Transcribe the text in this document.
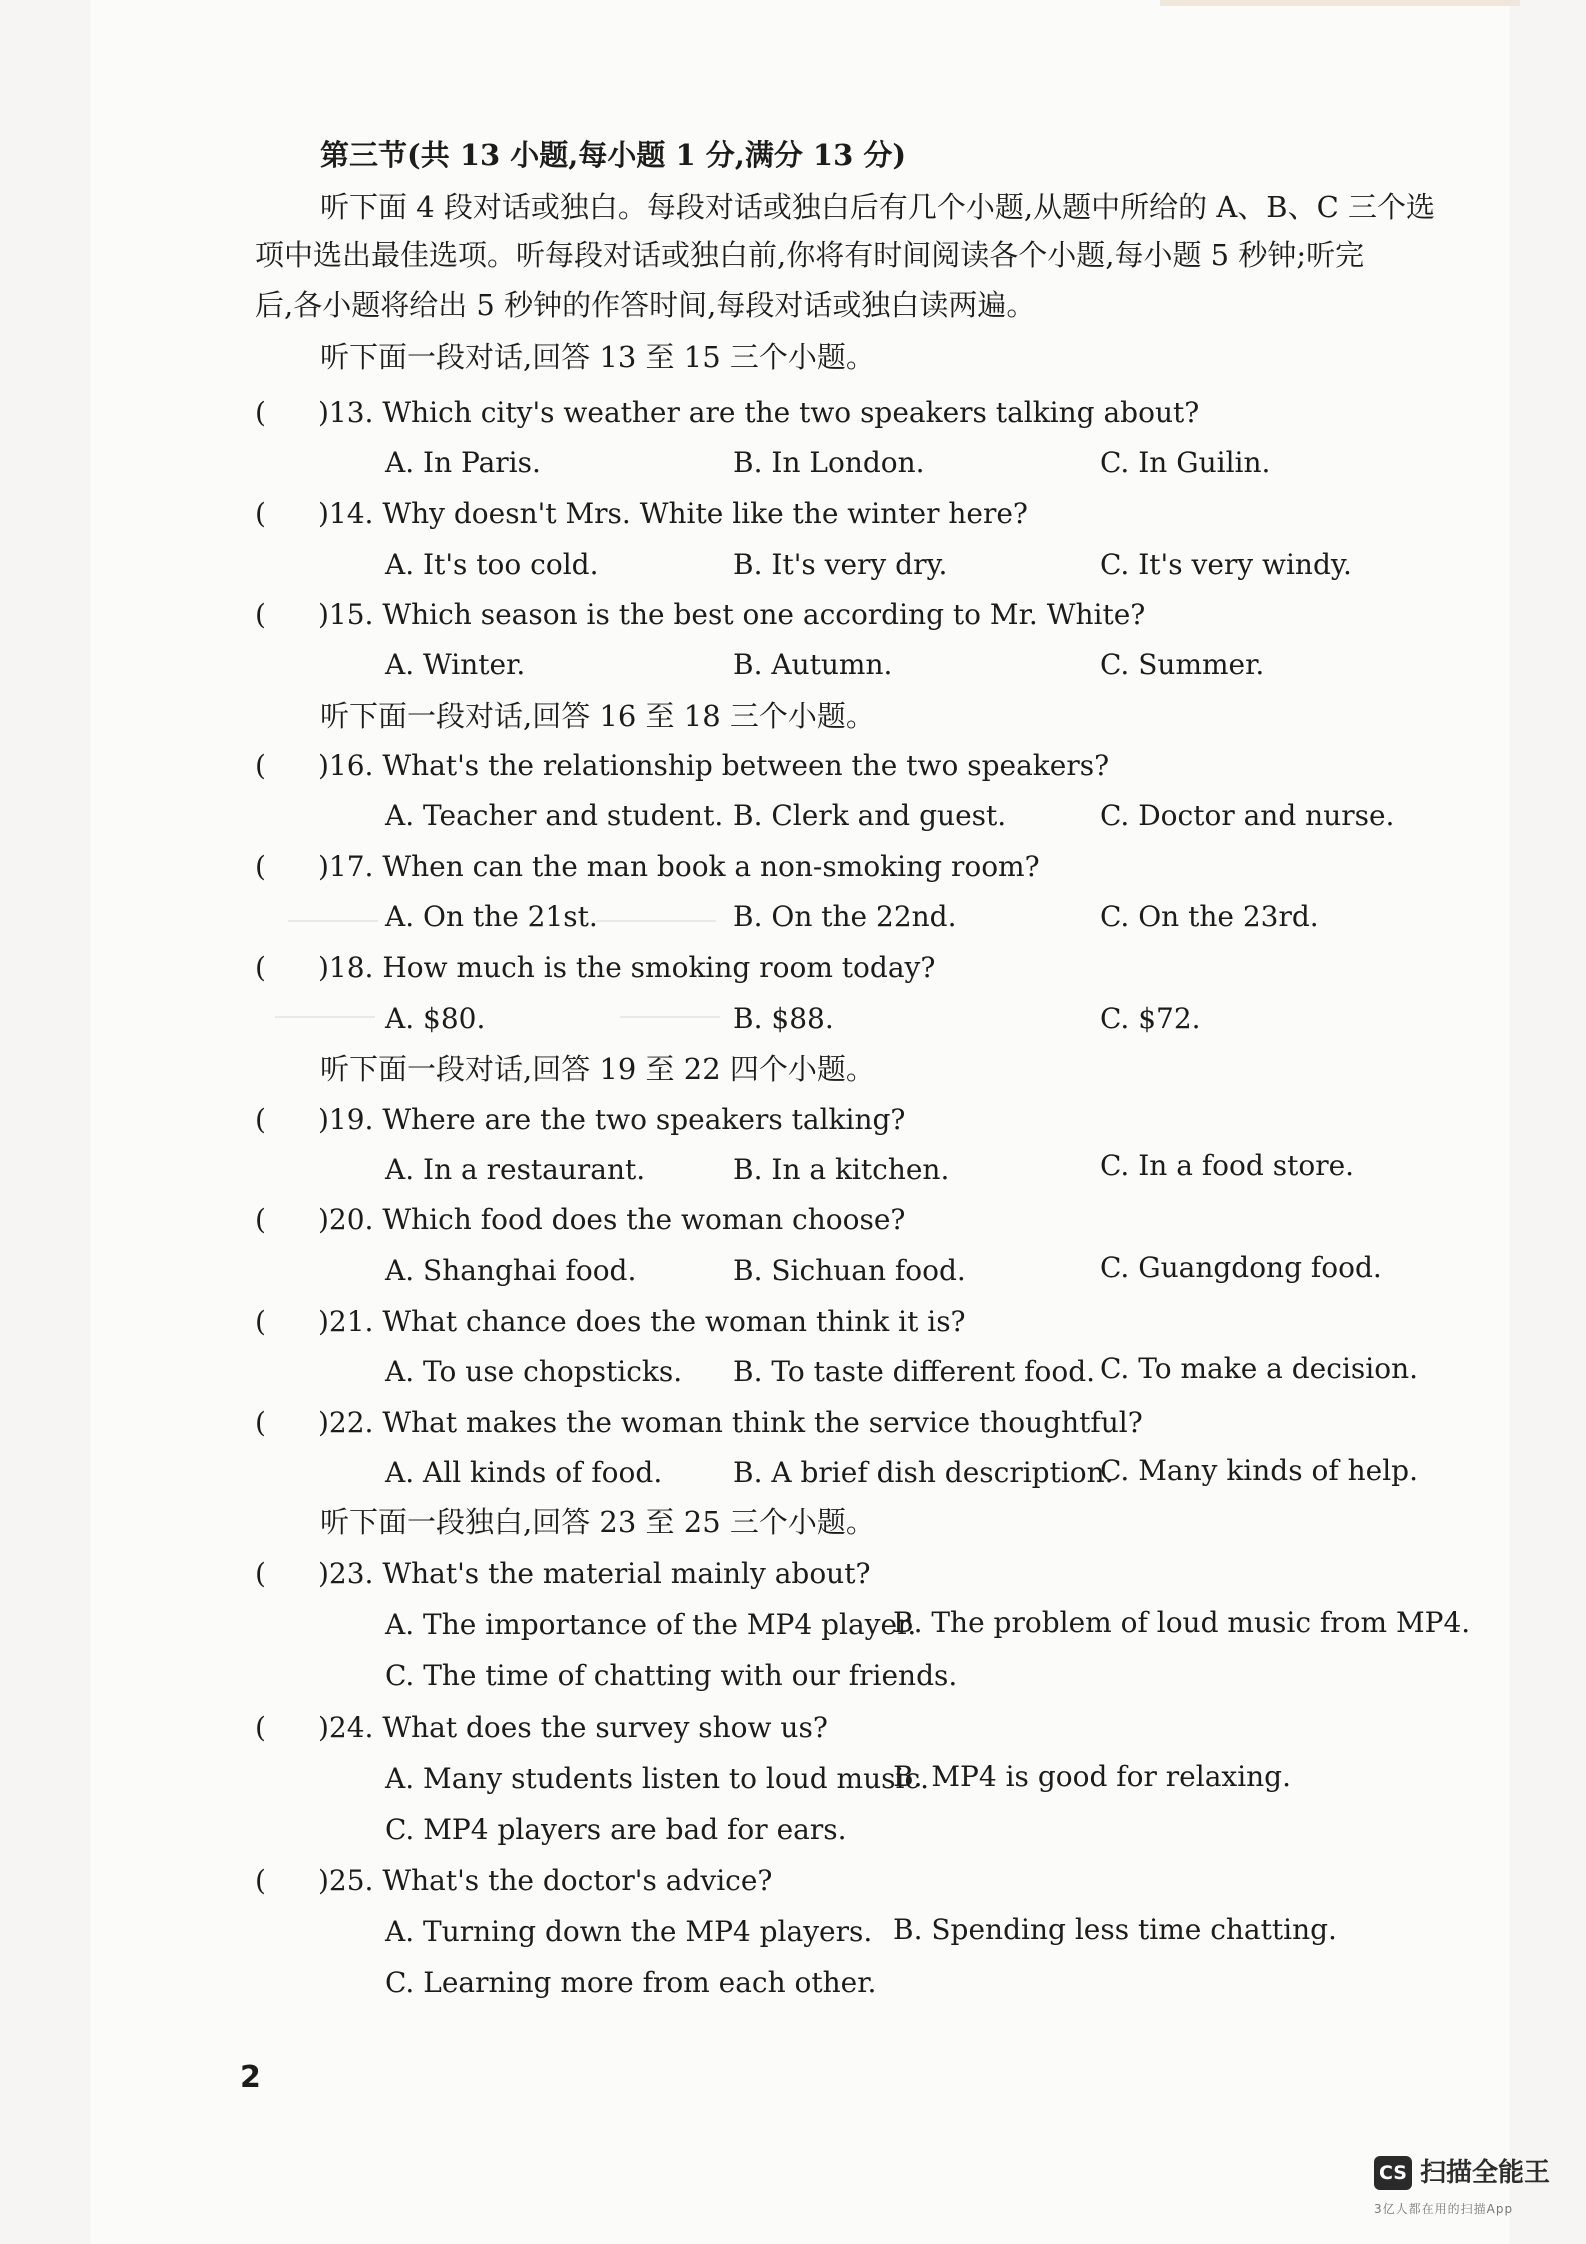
第三节(共 13 小题,每小题 1 分,满分 13 分)
听下面 4 段对话或独白。每段对话或独白后有几个小题,从题中所给的 A、B、C 三个选
项中选出最佳选项。听每段对话或独白前,你将有时间阅读各个小题,每小题 5 秒钟;听完
后,各小题将给出 5 秒钟的作答时间,每段对话或独白读两遍。
听下面一段对话,回答 13 至 15 三个小题。
( )13. Which city's weather are the two speakers talking about?
A. In Paris.	B. In London.	C. In Guilin.
( )14. Why doesn't Mrs. White like the winter here?
A. It's too cold.	B. It's very dry.	C. It's very windy.
( )15. Which season is the best one according to Mr. White?
A. Winter.	B. Autumn.	C. Summer.
听下面一段对话,回答 16 至 18 三个小题。
( )16. What's the relationship between the two speakers?
A. Teacher and student. B. Clerk and guest.	C. Doctor and nurse.
( )17. When can the man book a non-smoking room?
A. On the 21st.	B. On the 22nd.	C. On the 23rd.
( )18. How much is the smoking room today?
A. $80.	B. $88.	C. $72.
听下面一段对话,回答 19 至 22 四个小题。
( )19. Where are the two speakers talking?
A. In a restaurant.	B. In a kitchen.	C. In a food store.
( )20. Which food does the woman choose?
A. Shanghai food.	B. Sichuan food.	C. Guangdong food.
( )21. What chance does the woman think it is?
A. To use chopsticks. B. To taste different food. C. To make a decision.
( )22. What makes the woman think the service thoughtful?
A. All kinds of food.	B. A brief dish description.
C. Many kinds of help.
听下面一段独白,回答 23 至 25 三个小题。
( )23. What's the material mainly about?
A. The importance of the MP4 player.
B. The problem of loud music from MP4.
C. The time of chatting with our friends.
( )24. What does the survey show us?
A. Many students listen to loud music.
B. MP4 is good for relaxing.
C. MP4 players are bad for ears.
( )25. What's the doctor's advice?
A. Turning down the MP4 players. B. Spending less time chatting.
C. Learning more from each other.
2
CS 扫描全能王
3亿人都在用的扫描App
